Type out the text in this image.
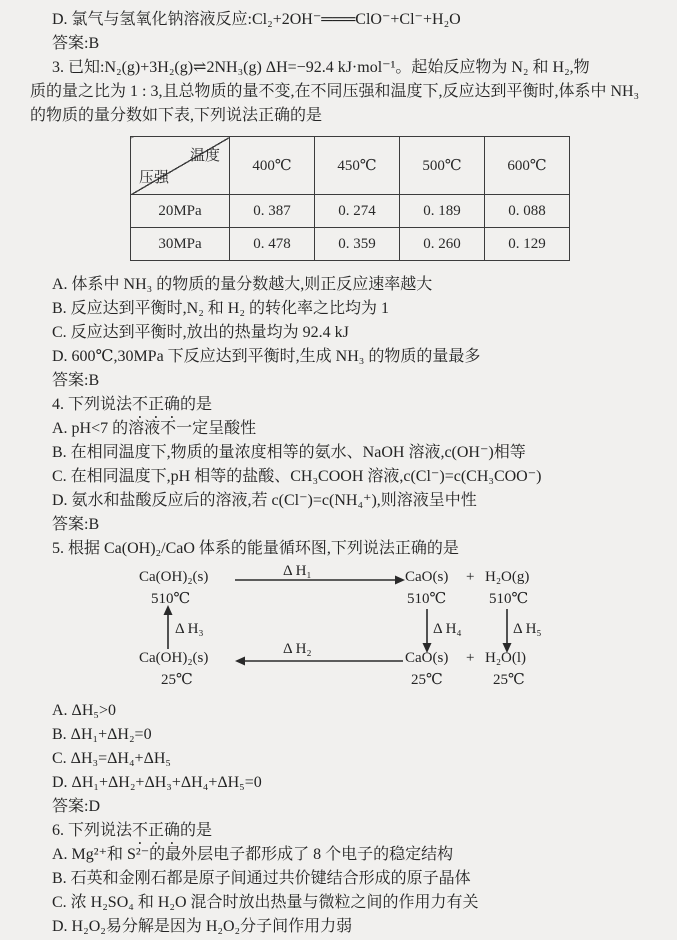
D. 氯气与氢氧化钠溶液反应:Cl₂+2OH⁻═══ClO⁻+Cl⁻+H₂O
答案:B
3. 已知:N₂(g)+3H₂(g)⇌2NH₃(g) ΔH=−92.4 kJ·mol⁻¹。起始反应物为 N₂ 和 H₂,物
质的量之比为 1 : 3,且总物质的量不变,在不同压强和温度下,反应达到平衡时,体系中 NH₃
的物质的量分数如下表,下列说法正确的是
温度
压强	400℃	450℃	500℃	600℃
20MPa	0. 387	0. 274	0. 189	0. 088
30MPa	0. 478	0. 359	0. 260	0. 129
A. 体系中 NH₃ 的物质的量分数越大,则正反应速率越大
B. 反应达到平衡时,N₂ 和 H₂ 的转化率之比均为 1
C. 反应达到平衡时,放出的热量均为 92.4 kJ
D. 600℃,30MPa 下反应达到平衡时,生成 NH₃ 的物质的量最多
答案:B
4. 下列说法不正确的是
A. pH<7 的溶液不一定呈酸性
B. 在相同温度下,物质的量浓度相等的氨水、NaOH 溶液,c(OH⁻)相等
C. 在相同温度下,pH 相等的盐酸、CH₃COOH 溶液,c(Cl⁻)=c(CH₃COO⁻)
D. 氨水和盐酸反应后的溶液,若 c(Cl⁻)=c(NH₄⁺),则溶液呈中性
答案:B
5. 根据 Ca(OH)₂/CaO 体系的能量循环图,下列说法正确的是
Ca(OH)₂(s)	Δ H₁	CaO(s) + H₂O(g)
510℃	510℃	510℃
Δ H₃	Δ H₄	Δ H₅
Ca(OH)₂(s)
Δ H₂
CaO(s) + H₂O(l)
25℃	25℃	25℃
A. ΔH₅>0
B. ΔH₁+ΔH₂=0
C. ΔH₃=ΔH₄+ΔH₅
D. ΔH₁+ΔH₂+ΔH₃+ΔH₄+ΔH₅=0
答案:D
6. 下列说法不正确的是
A. Mg²⁺和 S²⁻的最外层电子都形成了 8 个电子的稳定结构
B. 石英和金刚石都是原子间通过共价键结合形成的原子晶体
C. 浓 H₂SO₄ 和 H₂O 混合时放出热量与微粒之间的作用力有关
D. H₂O₂易分解是因为 H₂O₂分子间作用力弱
